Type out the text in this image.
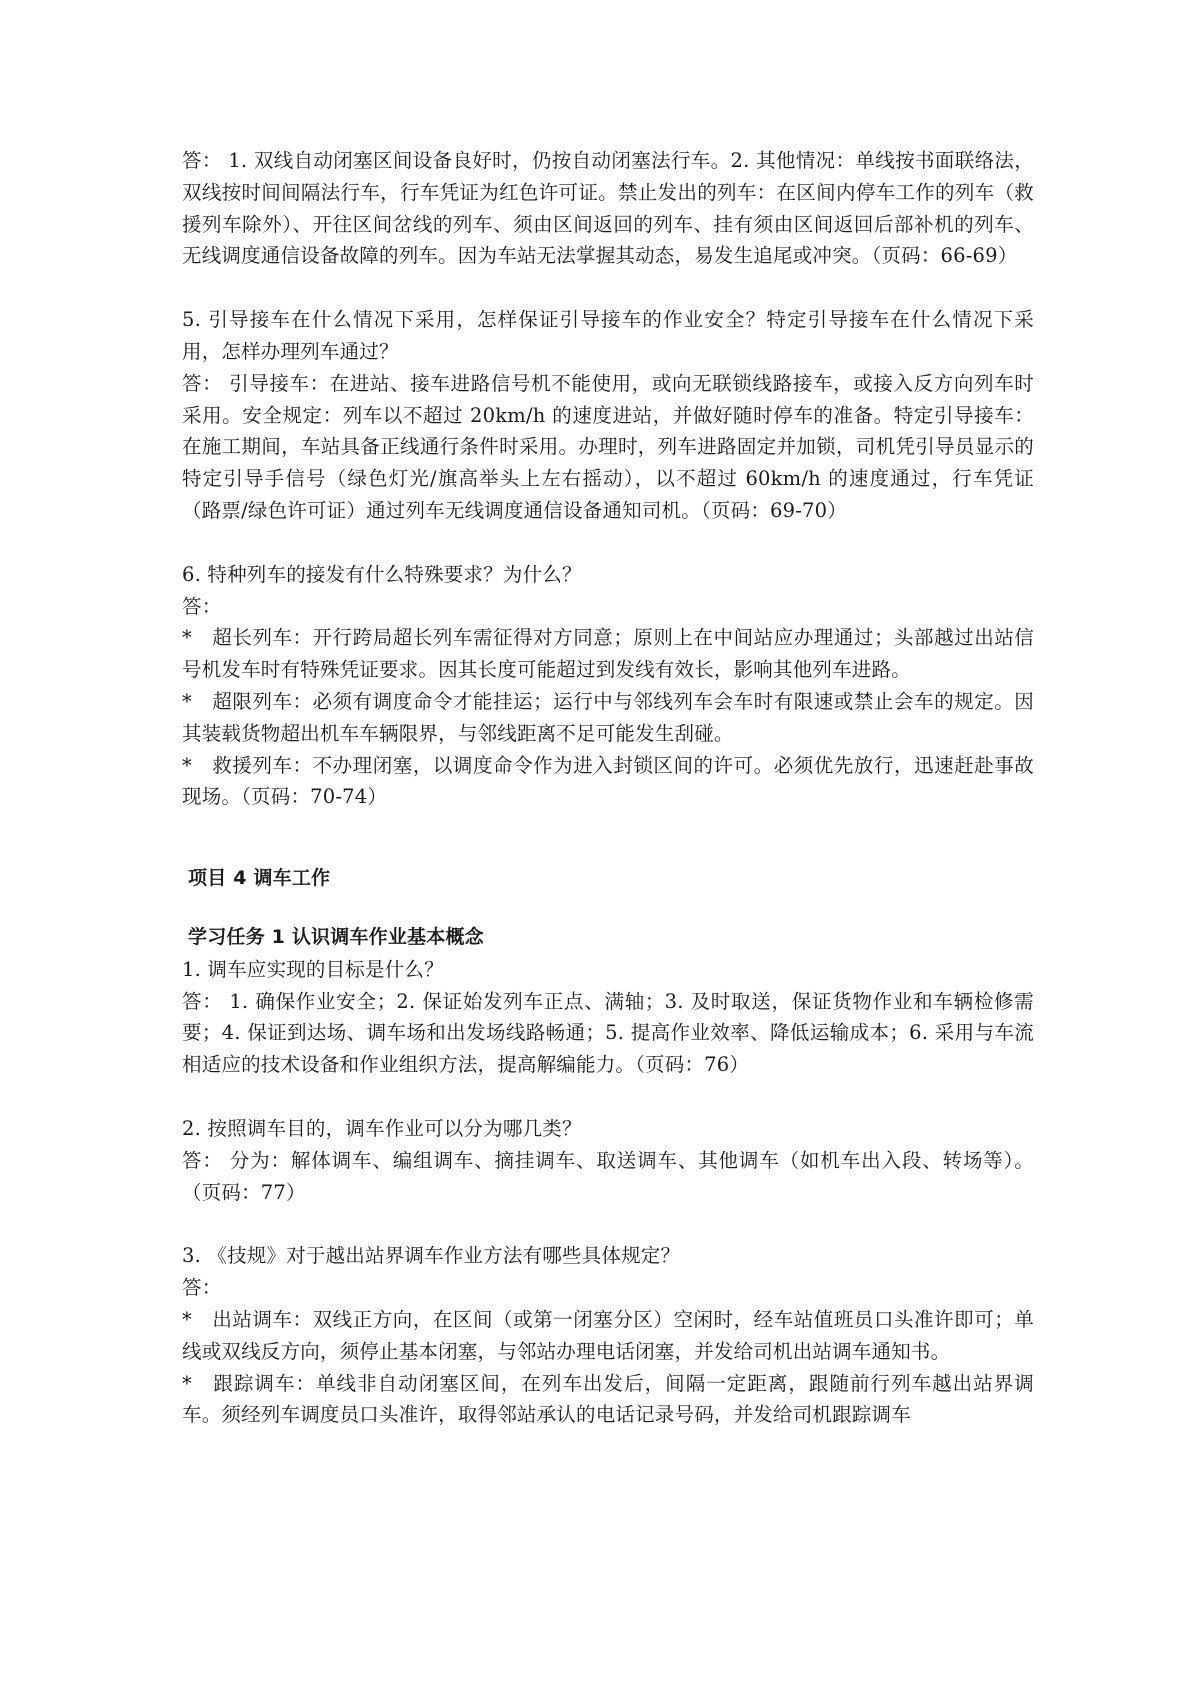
答： 1. 双线自动闭塞区间设备良好时，仍按自动闭塞法行车。2. 其他情况：单线按书面联络法，双线按时间间隔法行车，行车凭证为红色许可证。禁止发出的列车：在区间内停车工作的列车（救援列车除外）、开往区间岔线的列车、须由区间返回的列车、挂有须由区间返回后部补机的列车、无线调度通信设备故障的列车。因为车站无法掌握其动态，易发生追尾或冲突。（页码：66-69）

5. 引导接车在什么情况下采用，怎样保证引导接车的作业安全？特定引导接车在什么情况下采用，怎样办理列车通过？

答： 引导接车：在进站、接车进路信号机不能使用，或向无联锁线路接车，或接入反方向列车时采用。安全规定：列车以不超过 20km/h 的速度进站，并做好随时停车的准备。特定引导接车：在施工期间，车站具备正线通行条件时采用。办理时，列车进路固定并加锁，司机凭引导员显示的特定引导手信号（绿色灯光/旗高举头上左右摇动），以不超过 60km/h 的速度通过，行车凭证（路票/绿色许可证）通过列车无线调度通信设备通知司机。（页码：69-70）

6. 特种列车的接发有什么特殊要求？为什么？

答：

*　超长列车：开行跨局超长列车需征得对方同意；原则上在中间站应办理通过；头部越过出站信号机发车时有特殊凭证要求。因其长度可能超过到发线有效长，影响其他列车进路。

*　超限列车：必须有调度命令才能挂运；运行中与邻线列车会车时有限速或禁止会车的规定。因其装载货物超出机车车辆限界，与邻线距离不足可能发生刮碰。

*　救援列车：不办理闭塞，以调度命令作为进入封锁区间的许可。必须优先放行，迅速赶赴事故现场。（页码：70-74）

项目 4 调车工作

学习任务 1 认识调车作业基本概念

1. 调车应实现的目标是什么？

答： 1. 确保作业安全；2. 保证始发列车正点、满轴；3. 及时取送，保证货物作业和车辆检修需要；4. 保证到达场、调车场和出发场线路畅通；5. 提高作业效率、降低运输成本；6. 采用与车流相适应的技术设备和作业组织方法，提高解编能力。（页码：76）

2. 按照调车目的，调车作业可以分为哪几类？

答： 分为：解体调车、编组调车、摘挂调车、取送调车、其他调车（如机车出入段、转场等）。（页码：77）

3. 《技规》对于越出站界调车作业方法有哪些具体规定？

答：

*　出站调车：双线正方向，在区间（或第一闭塞分区）空闲时，经车站值班员口头准许即可；单线或双线反方向，须停止基本闭塞，与邻站办理电话闭塞，并发给司机出站调车通知书。

*　跟踪调车：单线非自动闭塞区间，在列车出发后，间隔一定距离，跟随前行列车越出站界调车。须经列车调度员口头准许，取得邻站承认的电话记录号码，并发给司机跟踪调车
